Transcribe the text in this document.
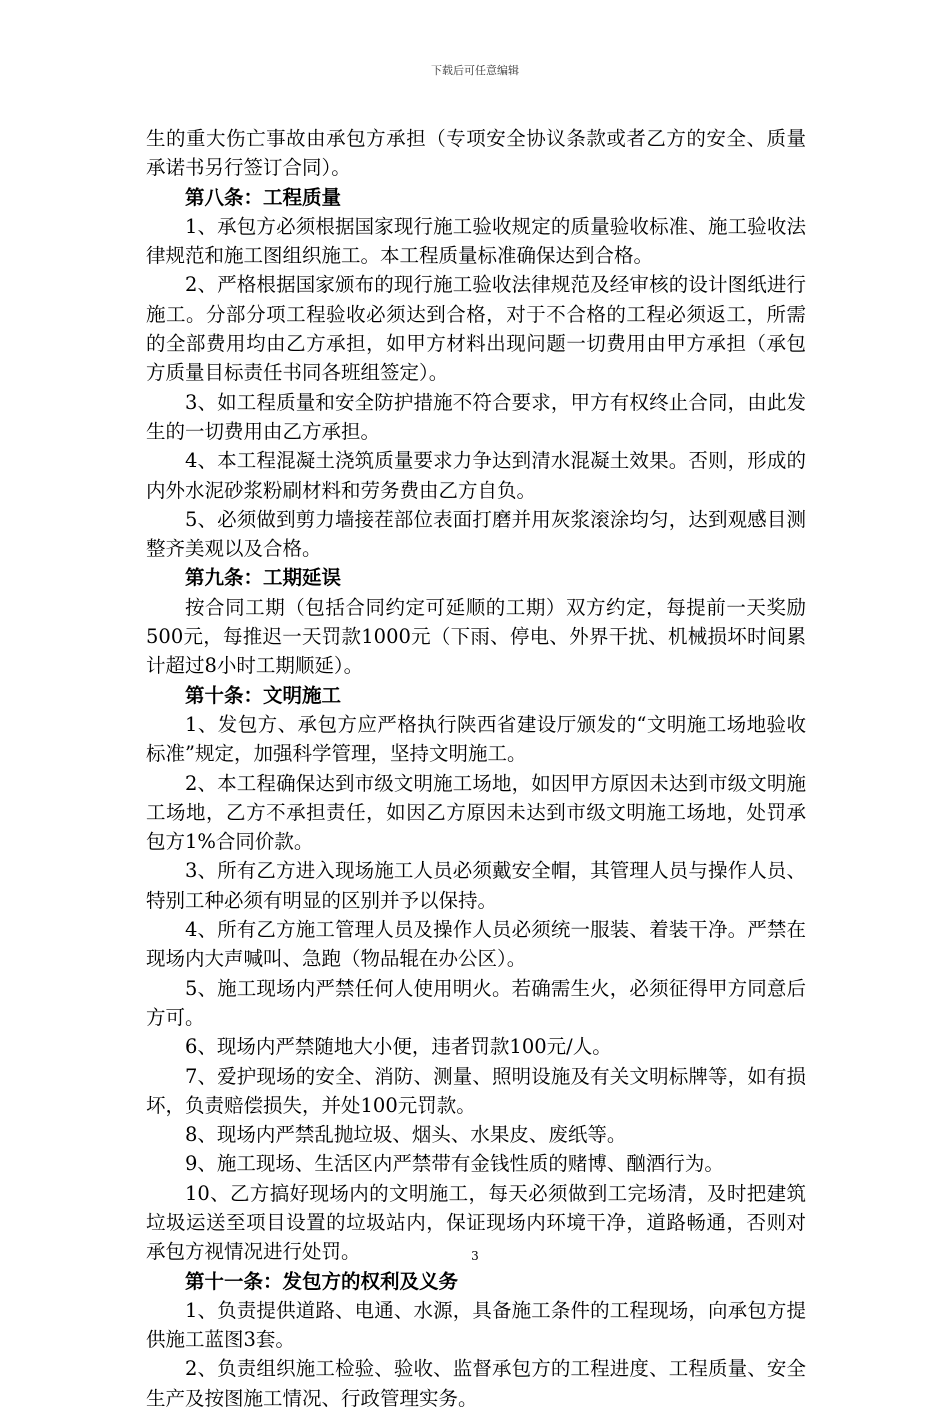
下载后可任意编辑

生的重大伤亡事故由承包方承担（专项安全协议条款或者乙方的安全、质量承诺书另行签订合同）。

第八条：工程质量

1、承包方必须根据国家现行施工验收规定的质量验收标准、施工验收法律规范和施工图组织施工。本工程质量标准确保达到合格。

2、严格根据国家颁布的现行施工验收法律规范及经审核的设计图纸进行施工。分部分项工程验收必须达到合格，对于不合格的工程必须返工，所需的全部费用均由乙方承担，如甲方材料出现问题一切费用由甲方承担（承包方质量目标责任书同各班组签定）。

3、如工程质量和安全防护措施不符合要求，甲方有权终止合同，由此发生的一切费用由乙方承担。

4、本工程混凝土浇筑质量要求力争达到清水混凝土效果。否则，形成的内外水泥砂浆粉刷材料和劳务费由乙方自负。

5、必须做到剪力墙接茬部位表面打磨并用灰浆滚涂均匀，达到观感目测整齐美观以及合格。

第九条：工期延误

按合同工期（包括合同约定可延顺的工期）双方约定，每提前一天奖励500元，每推迟一天罚款1000元（下雨、停电、外界干扰、机械损坏时间累计超过8小时工期顺延）。

第十条：文明施工

1、发包方、承包方应严格执行陕西省建设厅颁发的“文明施工场地验收标准”规定，加强科学管理，坚持文明施工。

2、本工程确保达到市级文明施工场地，如因甲方原因未达到市级文明施工场地，乙方不承担责任，如因乙方原因未达到市级文明施工场地，处罚承包方1%合同价款。

3、所有乙方进入现场施工人员必须戴安全帽，其管理人员与操作人员、特别工种必须有明显的区别并予以保持。

4、所有乙方施工管理人员及操作人员必须统一服装、着装干净。严禁在现场内大声喊叫、急跑（物品辊在办公区）。

5、施工现场内严禁任何人使用明火。若确需生火，必须征得甲方同意后方可。

6、现场内严禁随地大小便，违者罚款100元/人。

7、爱护现场的安全、消防、测量、照明设施及有关文明标牌等，如有损坏，负责赔偿损失，并处100元罚款。

8、现场内严禁乱抛垃圾、烟头、水果皮、废纸等。

9、施工现场、生活区内严禁带有金钱性质的赌博、酗酒行为。

10、乙方搞好现场内的文明施工，每天必须做到工完场清，及时把建筑垃圾运送至项目设置的垃圾站内，保证现场内环境干净，道路畅通，否则对承包方视情况进行处罚。

第十一条：发包方的权利及义务

1、负责提供道路、电通、水源，具备施工条件的工程现场，向承包方提供施工蓝图3套。

2、负责组织施工检验、验收、监督承包方的工程进度、工程质量、安全生产及按图施工情况、行政管理实务。

3
